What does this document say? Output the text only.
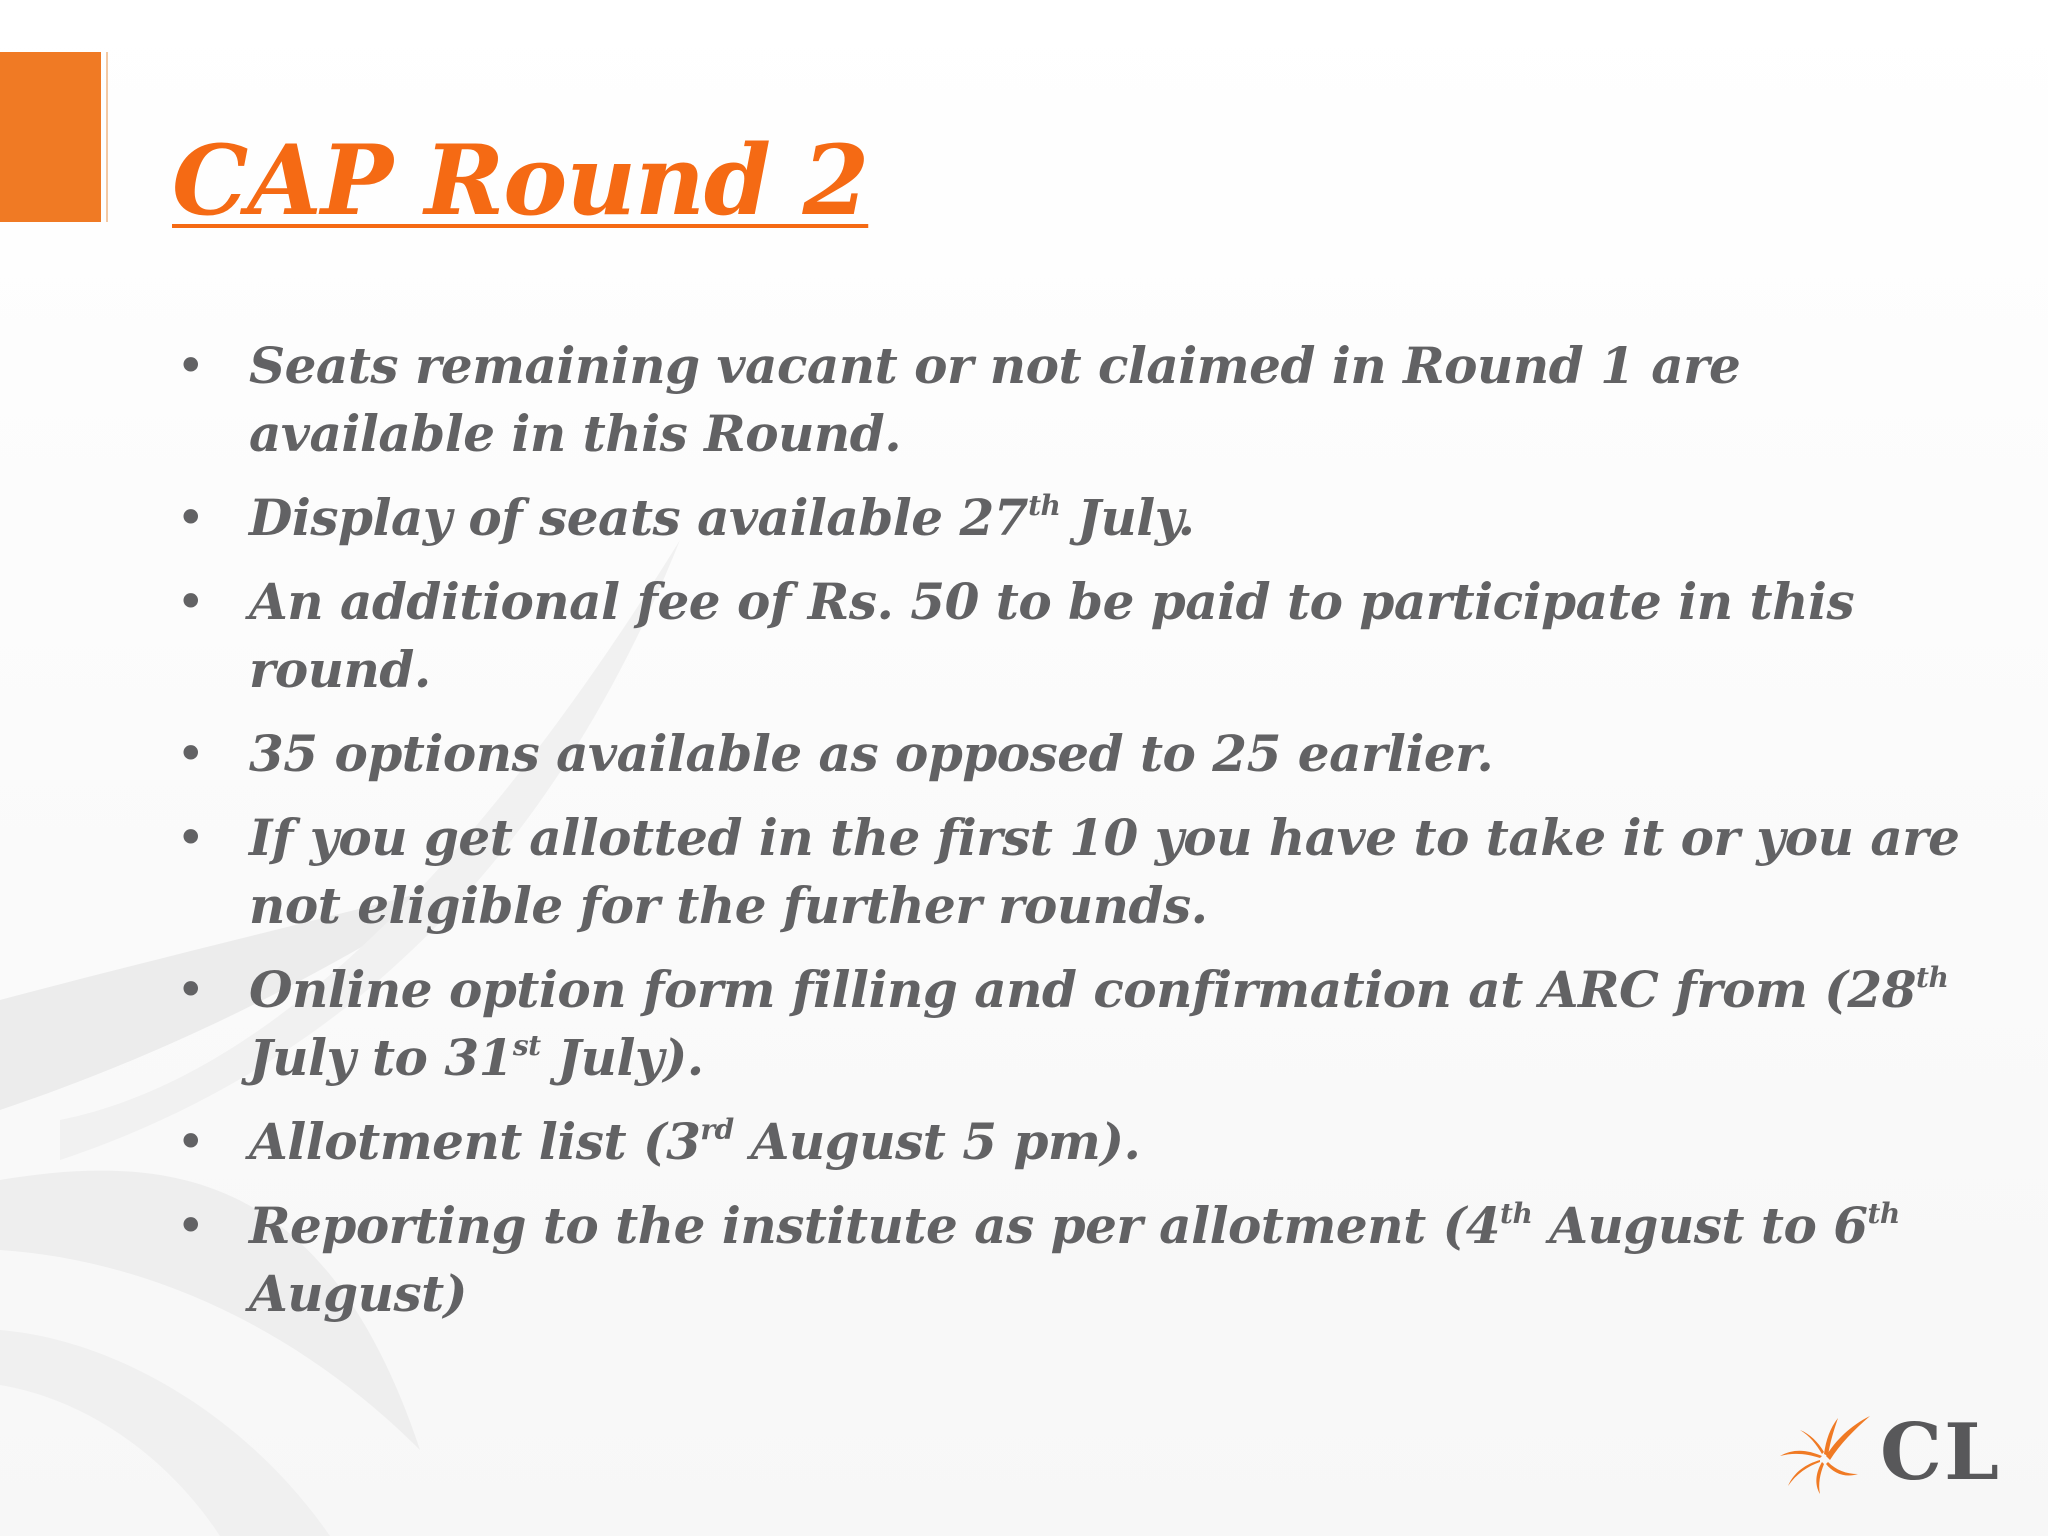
CAP Round 2
• Seats remaining vacant or not claimed in Round 1 are available in this Round.
• Display of seats available 27th July.
• An additional fee of Rs. 50 to be paid to participate in this round.
• 35 options available as opposed to 25 earlier.
• If you get allotted in the first 10 you have to take it or you are not eligible for the further rounds.
• Online option form filling and confirmation at ARC from (28th July to 31st July).
• Allotment list (3rd August 5 pm).
• Reporting to the institute as per allotment (4th August to 6th August)
CL
